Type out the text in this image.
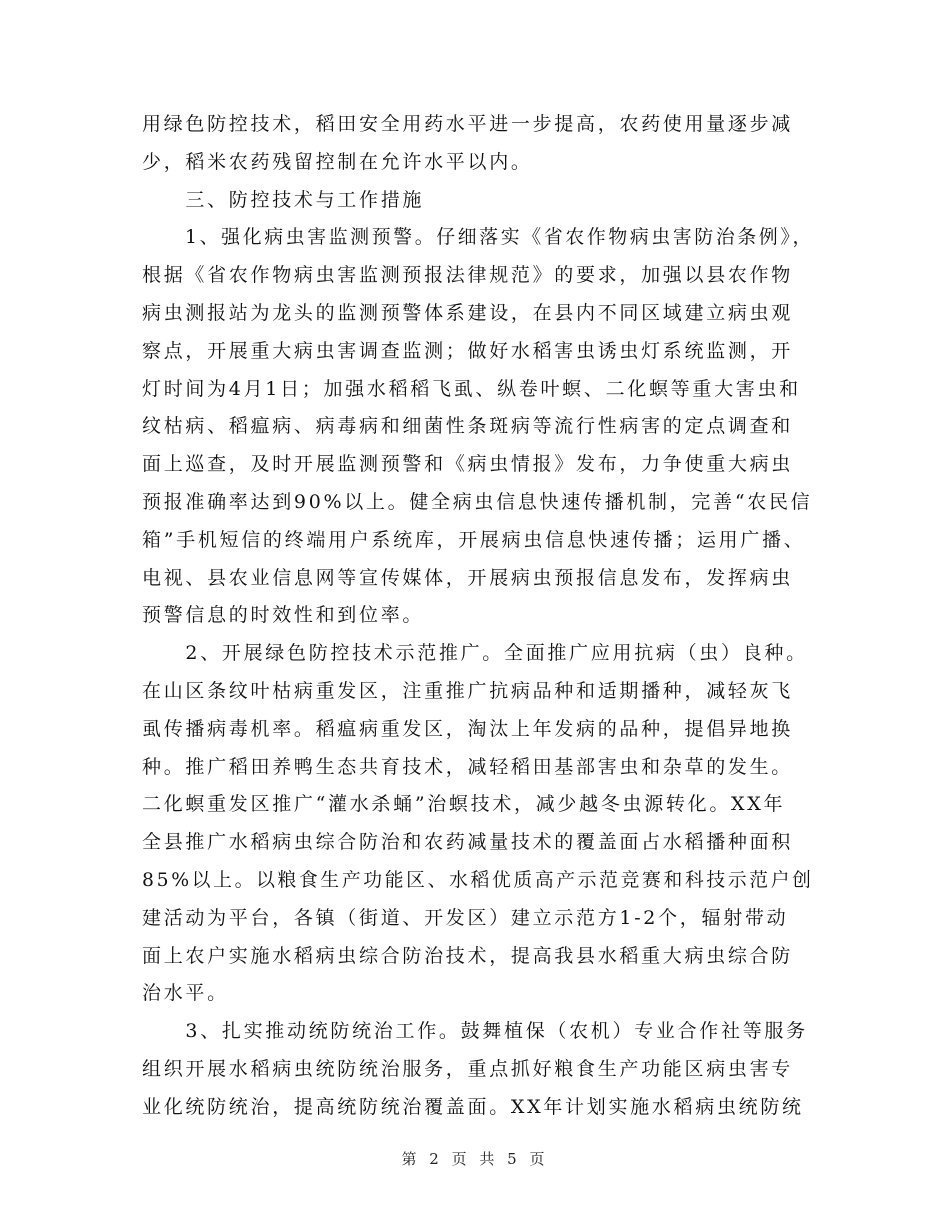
用绿色防控技术，稻田安全用药水平进一步提高，农药使用量逐步减
少，稻米农药残留控制在允许水平以内。
　　三、防控技术与工作措施
　　1、强化病虫害监测预警。仔细落实《省农作物病虫害防治条例》，
根据《省农作物病虫害监测预报法律规范》的要求，加强以县农作物
病虫测报站为龙头的监测预警体系建设，在县内不同区域建立病虫观
察点，开展重大病虫害调查监测；做好水稻害虫诱虫灯系统监测，开
灯时间为4月1日；加强水稻稻飞虱、纵卷叶螟、二化螟等重大害虫和
纹枯病、稻瘟病、病毒病和细菌性条斑病等流行性病害的定点调查和
面上巡查，及时开展监测预警和《病虫情报》发布，力争使重大病虫
预报准确率达到90%以上。健全病虫信息快速传播机制，完善“农民信
箱”手机短信的终端用户系统库，开展病虫信息快速传播；运用广播、
电视、县农业信息网等宣传媒体，开展病虫预报信息发布，发挥病虫
预警信息的时效性和到位率。
　　2、开展绿色防控技术示范推广。全面推广应用抗病（虫）良种。
在山区条纹叶枯病重发区，注重推广抗病品种和适期播种，减轻灰飞
虱传播病毒机率。稻瘟病重发区，淘汰上年发病的品种，提倡异地换
种。推广稻田养鸭生态共育技术，减轻稻田基部害虫和杂草的发生。
二化螟重发区推广“灌水杀蛹”治螟技术，减少越冬虫源转化。XX年
全县推广水稻病虫综合防治和农药减量技术的覆盖面占水稻播种面积
85%以上。以粮食生产功能区、水稻优质高产示范竞赛和科技示范户创
建活动为平台，各镇（街道、开发区）建立示范方1-2个，辐射带动
面上农户实施水稻病虫综合防治技术，提高我县水稻重大病虫综合防
治水平。
　　3、扎实推动统防统治工作。鼓舞植保（农机）专业合作社等服务
组织开展水稻病虫统防统治服务，重点抓好粮食生产功能区病虫害专
业化统防统治，提高统防统治覆盖面。XX年计划实施水稻病虫统防统
第 2 页 共 5 页
